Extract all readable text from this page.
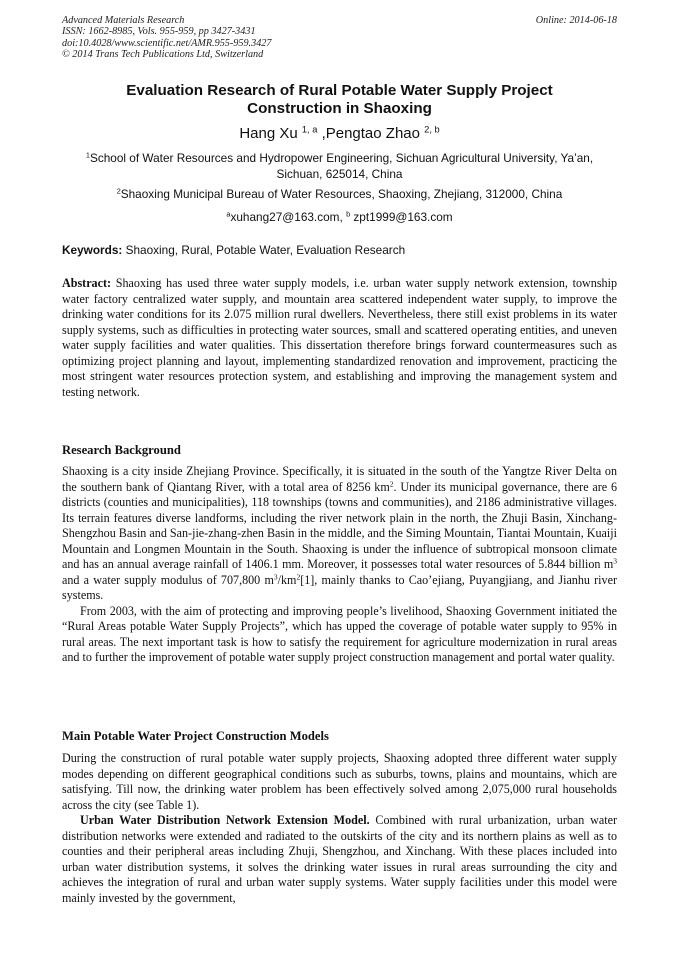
Advanced Materials Research	Online: 2014-06-18
ISSN: 1662-8985, Vols. 955-959, pp 3427-3431
doi:10.4028/www.scientific.net/AMR.955-959.3427
© 2014 Trans Tech Publications Ltd, Switzerland
Evaluation Research of Rural Potable Water Supply Project
Construction in Shaoxing
Hang Xu $^{1, a}$ ,Pengtao Zhao $^{2, b}$
$^1$School of Water Resources and Hydropower Engineering, Sichuan Agricultural University, Ya’an, Sichuan, 625014, China
$^2$Shaoxing Municipal Bureau of Water Resources, Shaoxing, Zhejiang, 312000, China
$^a$xuhang27@163.com, $^b$ zpt1999@163.com
Keywords: Shaoxing, Rural, Potable Water, Evaluation Research
Abstract: Shaoxing has used three water supply models, i.e. urban water supply network extension, township water factory centralized water supply, and mountain area scattered independent water supply, to improve the drinking water conditions for its 2.075 million rural dwellers. Nevertheless, there still exist problems in its water supply systems, such as difficulties in protecting water sources, small and scattered operating entities, and uneven water supply facilities and water qualities. This dissertation therefore brings forward countermeasures such as optimizing project planning and layout, implementing standardized renovation and improvement, practicing the most stringent water resources protection system, and establishing and improving the management system and testing network.
Research Background

Shaoxing is a city inside Zhejiang Province. Specifically, it is situated in the south of the Yangtze River Delta on the southern bank of Qiantang River, with a total area of 8256 $km^2$. Under its municipal governance, there are 6 districts (counties and municipalities), 118 townships (towns and communities), and 2186 administrative villages. Its terrain features diverse landforms, including the river network plain in the north, the Zhuji Basin, Xinchang-Shengzhou Basin and San-jie-zhang-zhen Basin in the middle, and the Siming Mountain, Tiantai Mountain, Kuaiji Mountain and Longmen Mountain in the South. Shaoxing is under the influence of subtropical monsoon climate and has an annual average rainfall of 1406.1 mm. Moreover, it possesses total water resources of 5.844 billion $m^3$ and a water supply modulus of 707,800 $m^3/km^2[1]$, mainly thanks to Cao’ejiang, Puyangjiang, and Jianhu river systems.

From 2003, with the aim of protecting and improving people’s livelihood, Shaoxing Government initiated the “Rural Areas potable Water Supply Projects”, which has upped the coverage of potable water supply to 95% in rural areas. The next important task is how to satisfy the requirement for agriculture modernization in rural areas and to further the improvement of potable water supply project construction management and portal water quality.

Main Potable Water Project Construction Models

During the construction of rural potable water supply projects, Shaoxing adopted three different water supply modes depending on different geographical conditions such as suburbs, towns, plains and mountains, which are satisfying. Till now, the drinking water problem has been effectively solved among 2,075,000 rural households across the city (see Table 1).

Urban Water Distribution Network Extension Model. Combined with rural urbanization, urban water distribution networks were extended and radiated to the outskirts of the city and its northern plains as well as to counties and their peripheral areas including Zhuji, Shengzhou, and Xinchang. With these places included into urban water distribution systems, it solves the drinking water issues in rural areas surrounding the city and achieves the integration of rural and urban water supply systems. Water supply facilities under this model were mainly invested by the government,
